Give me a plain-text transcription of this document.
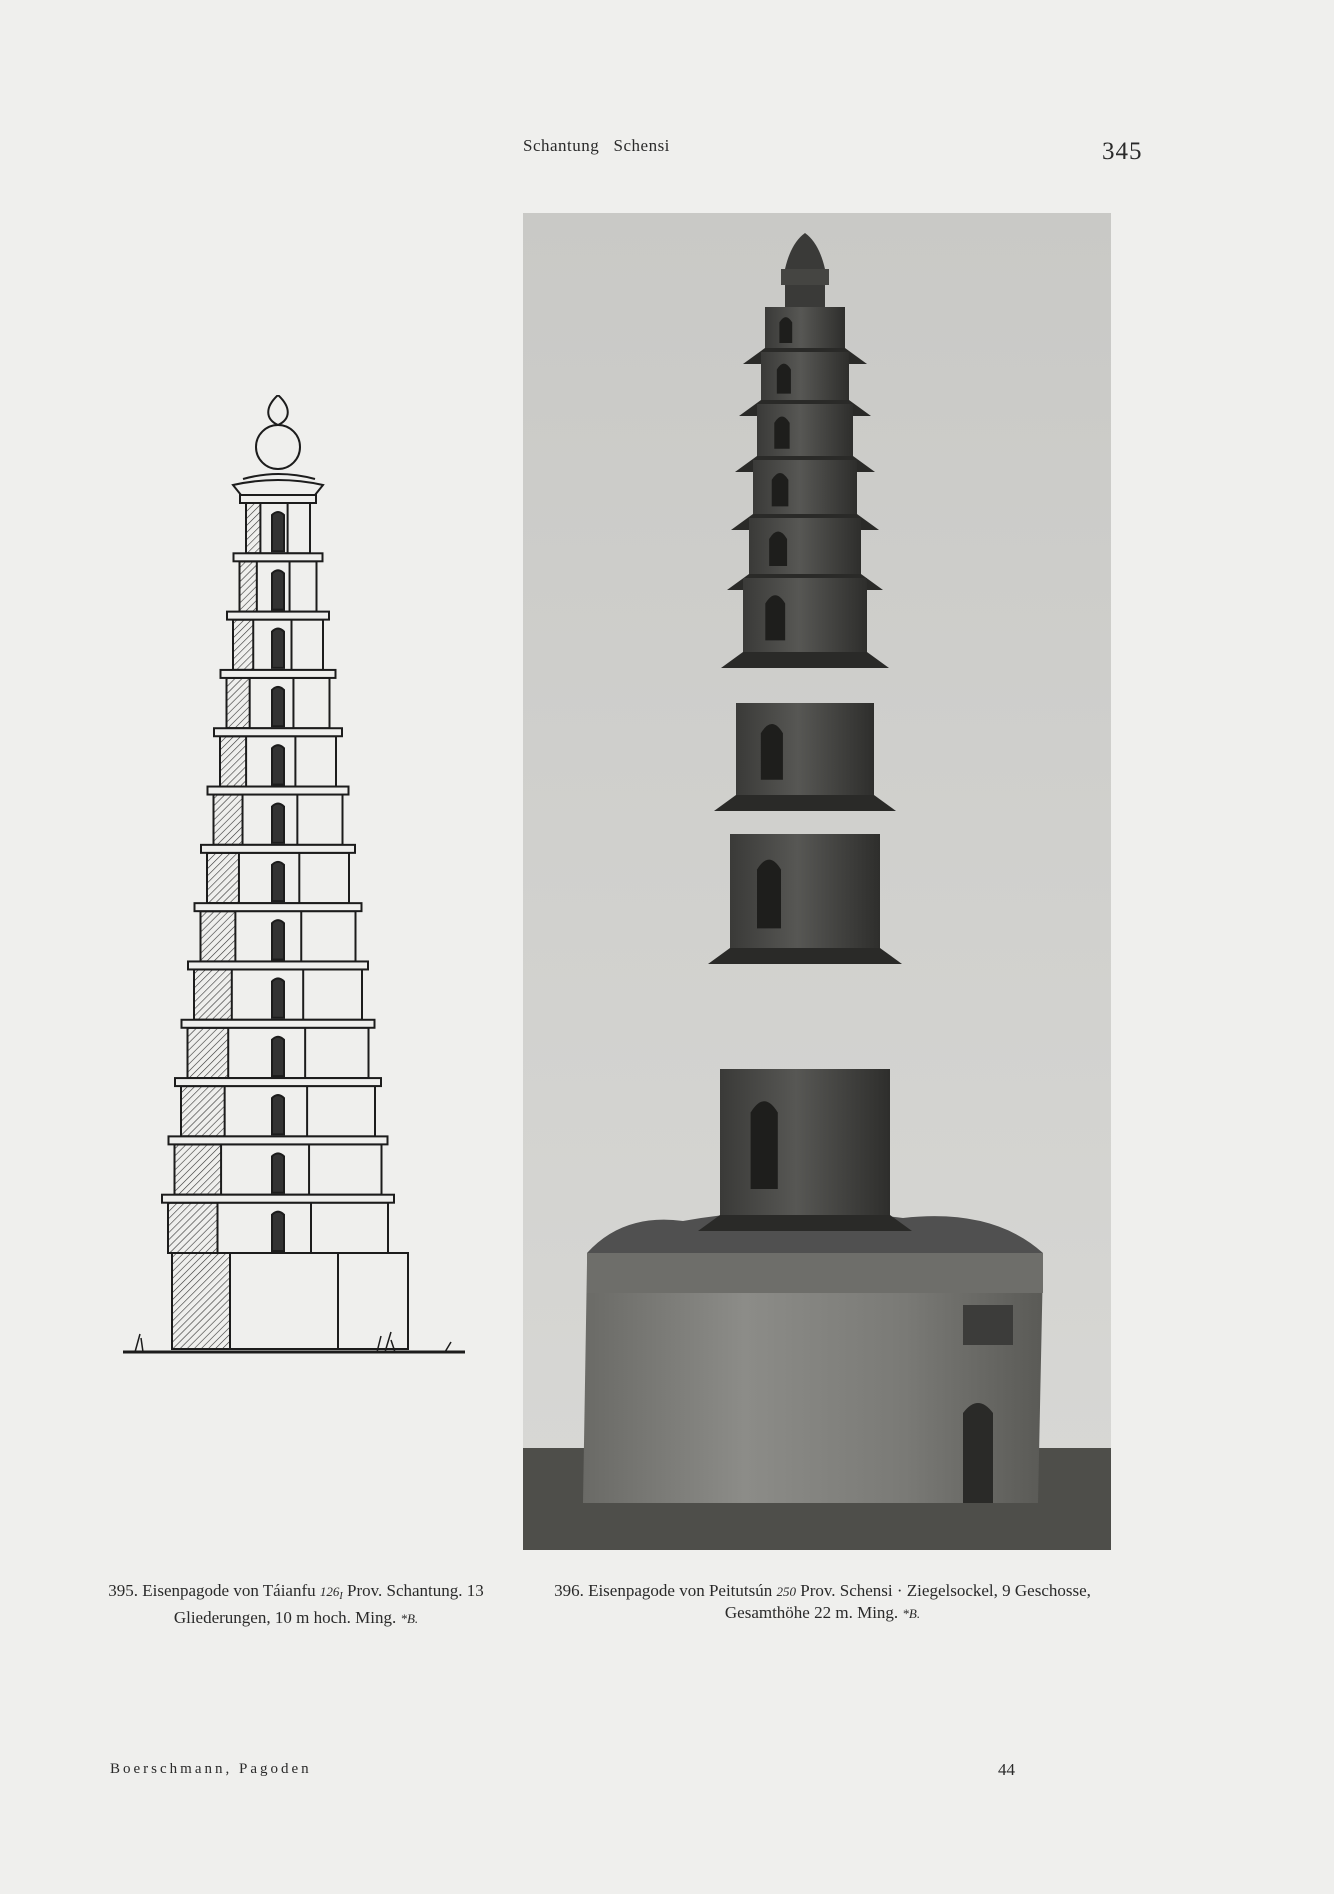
Schantung   Schensi	345
395. Eisenpagode von Táianfu $126_I$ Prov. Schantung. 13 Gliederungen, 10 m hoch. Ming. *B.
396. Eisenpagode von Peitutsún 250 Prov. Schensi · Ziegelsockel, 9 Geschosse, Gesamthöhe 22 m. Ming. *B.
Boerschmann, Pagoden	44
